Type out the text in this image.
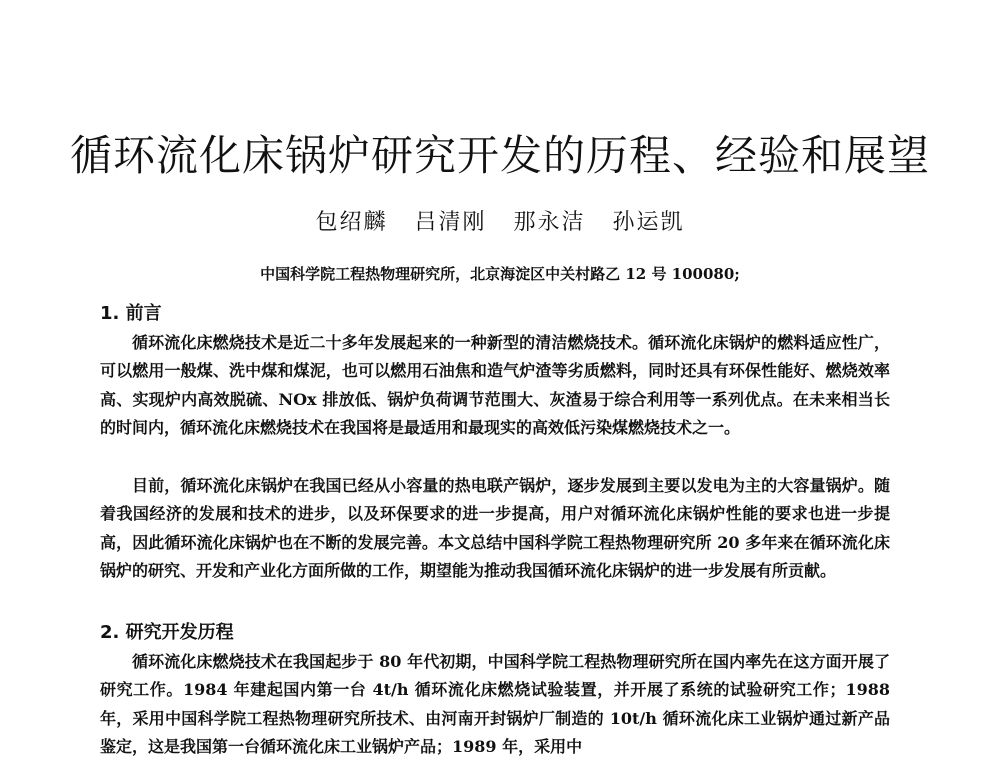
循环流化床锅炉研究开发的历程、经验和展望
包绍麟 吕清刚 那永洁 孙运凯
中国科学院工程热物理研究所，北京海淀区中关村路乙 12 号 100080;
1. 前言

循环流化床燃烧技术是近二十多年发展起来的一种新型的清洁燃烧技术。循环流化床锅炉的燃料适应性广，可以燃用一般煤、洗中煤和煤泥，也可以燃用石油焦和造气炉渣等劣质燃料，同时还具有环保性能好、燃烧效率高、实现炉内高效脱硫、NOx 排放低、锅炉负荷调节范围大、灰渣易于综合利用等一系列优点。在未来相当长的时间内，循环流化床燃烧技术在我国将是最适用和最现实的高效低污染煤燃烧技术之一。

目前，循环流化床锅炉在我国已经从小容量的热电联产锅炉，逐步发展到主要以发电为主的大容量锅炉。随着我国经济的发展和技术的进步，以及环保要求的进一步提高，用户对循环流化床锅炉性能的要求也进一步提高，因此循环流化床锅炉也在不断的发展完善。本文总结中国科学院工程热物理研究所 20 多年来在循环流化床锅炉的研究、开发和产业化方面所做的工作，期望能为推动我国循环流化床锅炉的进一步发展有所贡献。

2. 研究开发历程

循环流化床燃烧技术在我国起步于 80 年代初期，中国科学院工程热物理研究所在国内率先在这方面开展了研究工作。1984 年建起国内第一台 4t/h 循环流化床燃烧试验装置，并开展了系统的试验研究工作；1988 年，采用中国科学院工程热物理研究所技术、由河南开封锅炉厂制造的 10t/h 循环流化床工业锅炉通过新产品鉴定，这是我国第一台循环流化床工业锅炉产品；1989 年，采用中
